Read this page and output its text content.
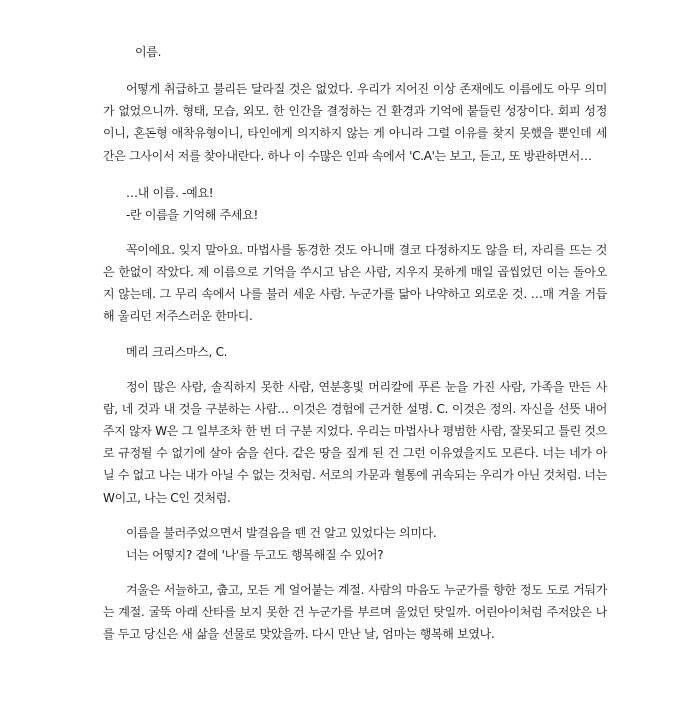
이름.

어떻게 취급하고 불리든 달라질 것은 없었다. 우리가 지어진 이상 존재에도 이름에도 아무 의미가 없었으니까. 형태, 모습, 외모. 한 인간을 결정하는 건 환경과 기억에 붙들린 성장이다. 회피 성정이니, 혼돈형 애착유형이니, 타인에게 의지하지 않는 게 아니라 그럴 이유를 찾지 못했을 뿐인데 세간은 그사이서 저를 찾아내란다. 하나 이 수많은 인파 속에서 'C.A'는 보고, 듣고, 또 방관하면서…

…내 이름. -예요!

-란 이름을 기억해 주세요!

꼭이에요. 잊지 말아요. 마법사를 동경한 것도 아니매 결코 다정하지도 않을 터, 자리를 뜨는 것은 한없이 작았다. 제 이름으로 기억을 쑤시고 남은 사람, 지우지 못하게 매일 곱씹었던 이는 돌아오지 않는데. 그 무리 속에서 나를 불러 세운 사람. 누군가를 닮아 나약하고 외로운 것. …매 겨울 거듭해 울리던 저주스러운 한마디.

메리 크리스마스, C.

정이 많은 사람, 솔직하지 못한 사람, 연분홍빛 머리칼에 푸른 눈을 가진 사람, 가족을 만든 사람, 네 것과 내 것을 구분하는 사람… 이것은 경험에 근거한 설명. C. 이것은 정의. 자신을 선뜻 내어주지 않자 W은 그 일부조차 한 번 더 구분 지었다. 우리는 마법사나 평범한 사람, 잘못되고 틀린 것으로 규정될 수 없기에 살아 숨을 쉰다. 같은 땅을 짚게 된 건 그런 이유였을지도 모른다. 너는 네가 아닐 수 없고 나는 내가 아닐 수 없는 것처럼. 서로의 가문과 혈통에 귀속되는 우리가 아닌 것처럼. 너는 W이고, 나는 C인 것처럼.

이름을 불러주었으면서 발걸음을 뗀 건 알고 있었다는 의미다.

너는 어떻지? 곁에 '나'를 두고도 행복해질 수 있어?

겨울은 서늘하고, 춥고, 모든 게 얼어붙는 계절. 사람의 마음도 누군가를 향한 정도 도로 거둬가는 계절. 굴뚝 아래 산타를 보지 못한 건 누군가를 부르며 울었던 탓일까. 어린아이처럼 주저앉은 나를 두고 당신은 새 삶을 선물로 맞았을까. 다시 만난 날, 엄마는 행복해 보였나.
